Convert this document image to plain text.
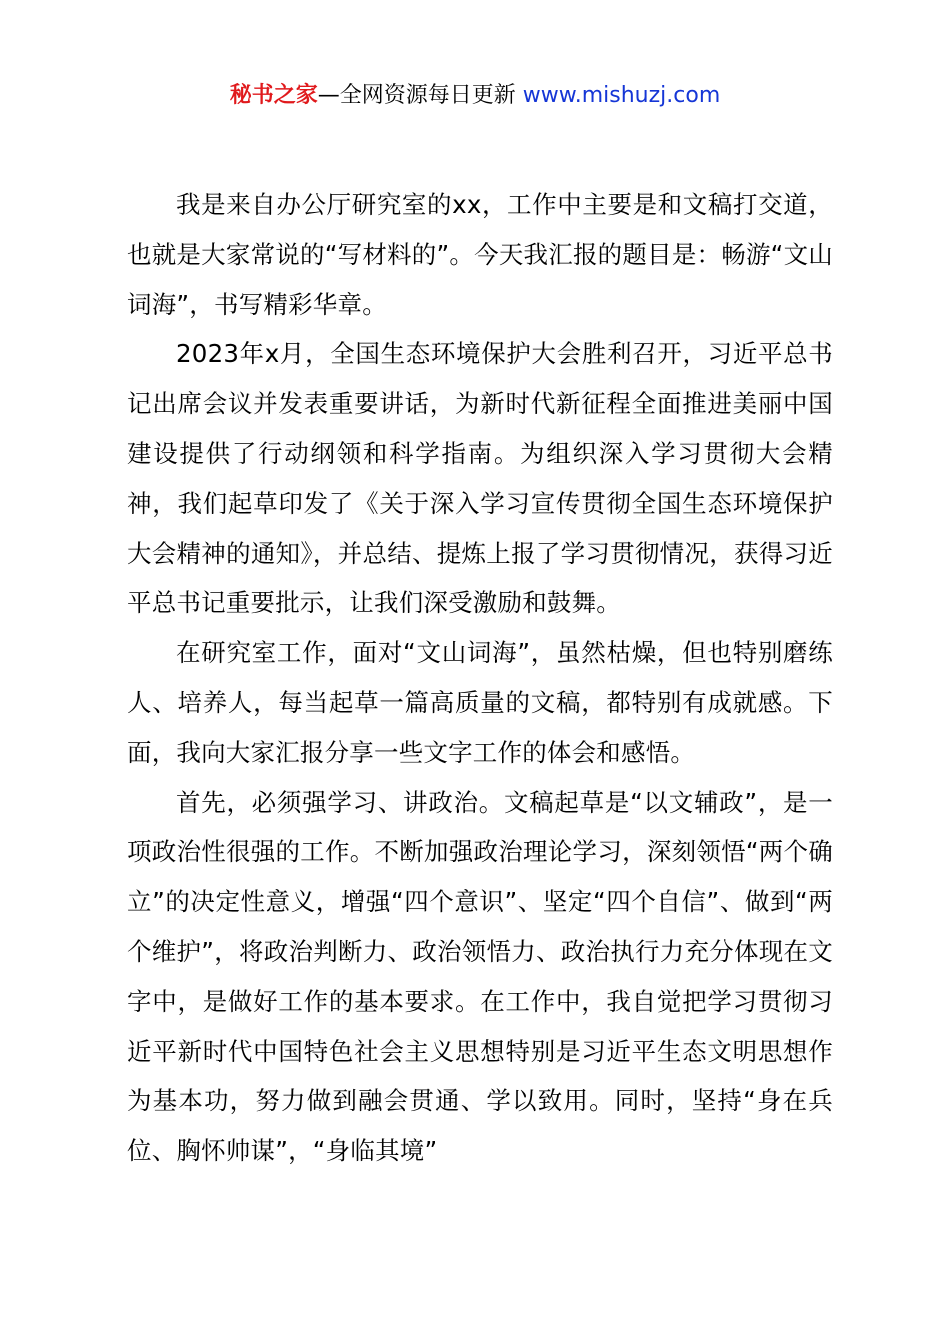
秘书之家—全网资源每日更新 www.mishuzj.com

我是来自办公厅研究室的xx，工作中主要是和文稿打交道，也就是大家常说的“写材料的”。今天我汇报的题目是：畅游“文山词海”，书写精彩华章。

2023年x月，全国生态环境保护大会胜利召开，习近平总书记出席会议并发表重要讲话，为新时代新征程全面推进美丽中国建设提供了行动纲领和科学指南。为组织深入学习贯彻大会精神，我们起草印发了《关于深入学习宣传贯彻全国生态环境保护大会精神的通知》，并总结、提炼上报了学习贯彻情况，获得习近平总书记重要批示，让我们深受激励和鼓舞。

在研究室工作，面对“文山词海”，虽然枯燥，但也特别磨练人、培养人，每当起草一篇高质量的文稿，都特别有成就感。下面，我向大家汇报分享一些文字工作的体会和感悟。

首先，必须强学习、讲政治。文稿起草是“以文辅政”，是一项政治性很强的工作。不断加强政治理论学习，深刻领悟“两个确立”的决定性意义，增强“四个意识”、坚定“四个自信”、做到“两个维护”，将政治判断力、政治领悟力、政治执行力充分体现在文字中，是做好工作的基本要求。在工作中，我自觉把学习贯彻习近平新时代中国特色社会主义思想特别是习近平生态文明思想作为基本功，努力做到融会贯通、学以致用。同时，坚持“身在兵位、胸怀帅谋”，“身临其境”
